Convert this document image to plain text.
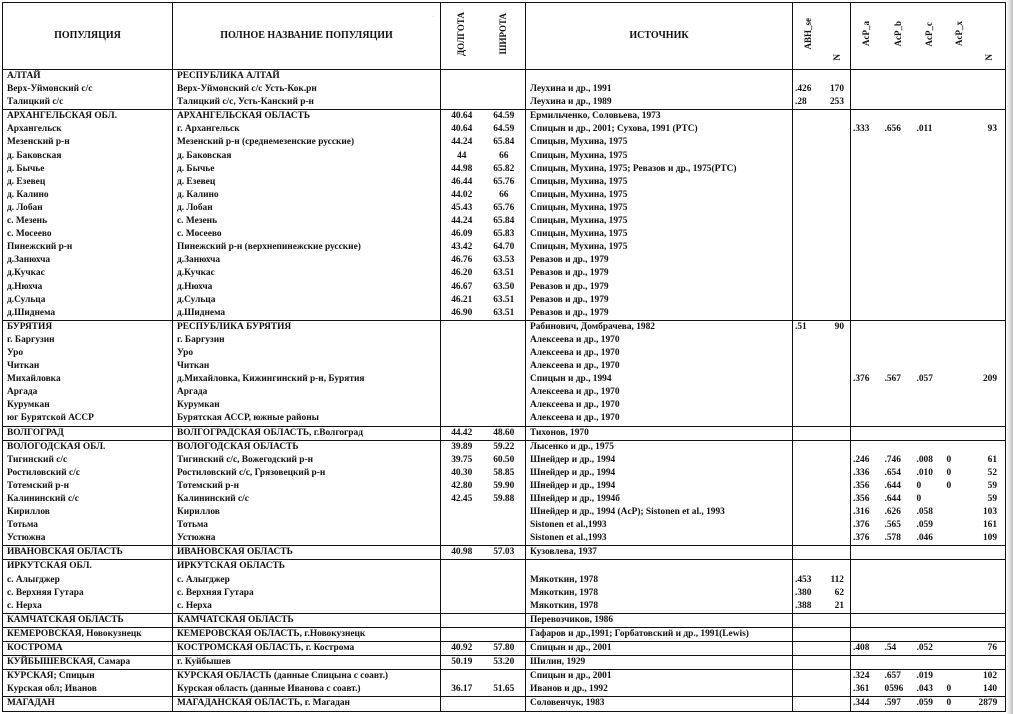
ПОПУЛЯЦИЯ	ПОЛНОЕ НАЗВАНИЕ ПОПУЛЯЦИИ	ДОЛГОТА	ШИРОТА	ИСТОЧНИК	ABH_se	N	AcP_a	AcP_b	AcP_c	AcP_x	N
АЛТАЙ	РЕСПУБЛИКА АЛТАЙ										
Верх-Уймонский с/с	Верх-Уймонский с/с Усть-Кок.рн			Леухина и др., 1991	.426	170					
Талицкий с/с	Талицкий с/с, Усть-Канский р-н			Леухина и др., 1989	.28	253					
АРХАНГЕЛЬСКАЯ ОБЛ.	АРХАНГЕЛЬСКАЯ ОБЛАСТЬ	40.64	64.59	Ермильченко, Соловьева, 1973							
Архангельск	г. Архангельск	40.64	64.59	Спицын и др., 2001; Сухова, 1991 (РТС)			.333	.656	.011		93
Мезенский р-н	Мезенский р-н (среднемезенские русские)	44.24	65.84	Спицын, Мухина, 1975							
д. Баковская	д. Баковская	44	66	Спицын, Мухина, 1975							
д. Бычье	д. Бычье	44.98	65.82	Спицын, Мухина, 1975; Ревазов и др., 1975(РТС)							
д. Езевец	д. Езевец	46.44	65.76	Спицын, Мухина, 1975							
д. Калино	д. Калино	44.02	66	Спицын, Мухина, 1975							
д. Лобан	д. Лобан	45.43	65.76	Спицын, Мухина, 1975							
с. Мезень	с. Мезень	44.24	65.84	Спицын, Мухина, 1975							
с. Мосеево	с. Мосеево	46.09	65.83	Спицын, Мухина, 1975							
Пинежский р-н	Пинежский р-н (верхнепинежские русские)	43.42	64.70	Спицын, Мухина, 1975							
д.Занюхча	д.Занюхча	46.76	63.53	Ревазов и др., 1979							
д.Кучкас	д.Кучкас	46.20	63.51	Ревазов и др., 1979							
д.Нюхча	д.Нюхча	46.67	63.50	Ревазов и др., 1979							
д.Сульца	д.Сульца	46.21	63.51	Ревазов и др., 1979							
д.Шиднема	д.Шиднема	46.90	63.51	Ревазов и др., 1979							
БУРЯТИЯ	РЕСПУБЛИКА БУРЯТИЯ			Рабинович, Домбрачева, 1982	.51	90					
г. Баргузин	г. Баргузин			Алексеева и др., 1970							
Уро	Уро			Алексеева и др., 1970							
Читкан	Читкан			Алексеева и др., 1970							
Михайловка	д.Михайловка, Кижингинский р-н, Бурятия			Спицын и др., 1994			.376	.567	.057		209
Аргада	Аргада			Алексеева и др., 1970							
Курумкан	Курумкан			Алексеева и др., 1970							
юг Бурятской АССР	Бурятская АССР, южные районы			Алексеева и др., 1970							
ВОЛГОГРАД	ВОЛГОГРАДСКАЯ ОБЛАСТЬ, г.Волгоград	44.42	48.60	Тихонов, 1970							
ВОЛОГОДСКАЯ ОБЛ.	ВОЛОГОДСКАЯ ОБЛАСТЬ	39.89	59.22	Лысенко и др., 1975							
Тигинский с/с	Тигинский с/с, Вожегодский р-н	39.75	60.50	Шнейдер и др., 1994			.246	.746	.008	0	61
Ростиловский с/с	Ростиловский с/с, Грязовецкий р-н	40.30	58.85	Шнейдер и др., 1994			.336	.654	.010	0	52
Тотемский р-н	Тотемский р-н	42.80	59.90	Шнейдер и др., 1994			.356	.644	0	0	59
Калининский с/с	Калининский с/с	42.45	59.88	Шнейдер и др., 1994б			.356	.644	0		59
Кириллов	Кириллов			Шнейдер и др., 1994 (AcP); Sistonen et al., 1993			.316	.626	.058		103
Тотьма	Тотьма			Sistonen et al.,1993			.376	.565	.059		161
Устюжна	Устюжна			Sistonen et al.,1993			.376	.578	.046		109
ИВАНОВСКАЯ ОБЛАСТЬ	ИВАНОВСКАЯ ОБЛАСТЬ	40.98	57.03	Кузовлева, 1937							
ИРКУТСКАЯ ОБЛ.	ИРКУТСКАЯ ОБЛАСТЬ										
с. Алыгджер	с. Алыгджер			Мякоткин, 1978	.453	112					
с. Верхняя Гутара	с. Верхняя Гутара			Мякоткин, 1978	.380	62					
с. Нерха	с. Нерха			Мякоткин, 1978	.388	21					
КАМЧАТСКАЯ ОБЛАСТЬ	КАМЧАТСКАЯ ОБЛАСТЬ			Перевозчиков, 1986							
КЕМЕРОВСКАЯ, Новокузнецк	КЕМЕРОВСКАЯ ОБЛАСТЬ, г.Новокузнецк			Гафаров и др.,1991; Горбатовский и др., 1991(Lewis)							
КОСТРОМА	КОСТРОМСКАЯ ОБЛАСТЬ, г. Кострома	40.92	57.80	Спицын и др., 2001			.408	.54	.052		76
КУЙБЫШЕВСКАЯ, Самара	г. Куйбышев	50.19	53.20	Шилин, 1929							
КУРСКАЯ; Спицын	КУРСКАЯ ОБЛАСТЬ (данные Спицына с соавт.)			Спицын и др., 2001			.324	.657	.019		102
Курская обл; Иванов	Курская область (данные Иванова с соавт.)	36.17	51.65	Иванов и др., 1992			.361	0596	.043	0	140
МАГАДАН	МАГАДАНСКАЯ ОБЛАСТЬ, г. Магадан			Соловенчук, 1983			.344	.597	.059	0	2879
·
